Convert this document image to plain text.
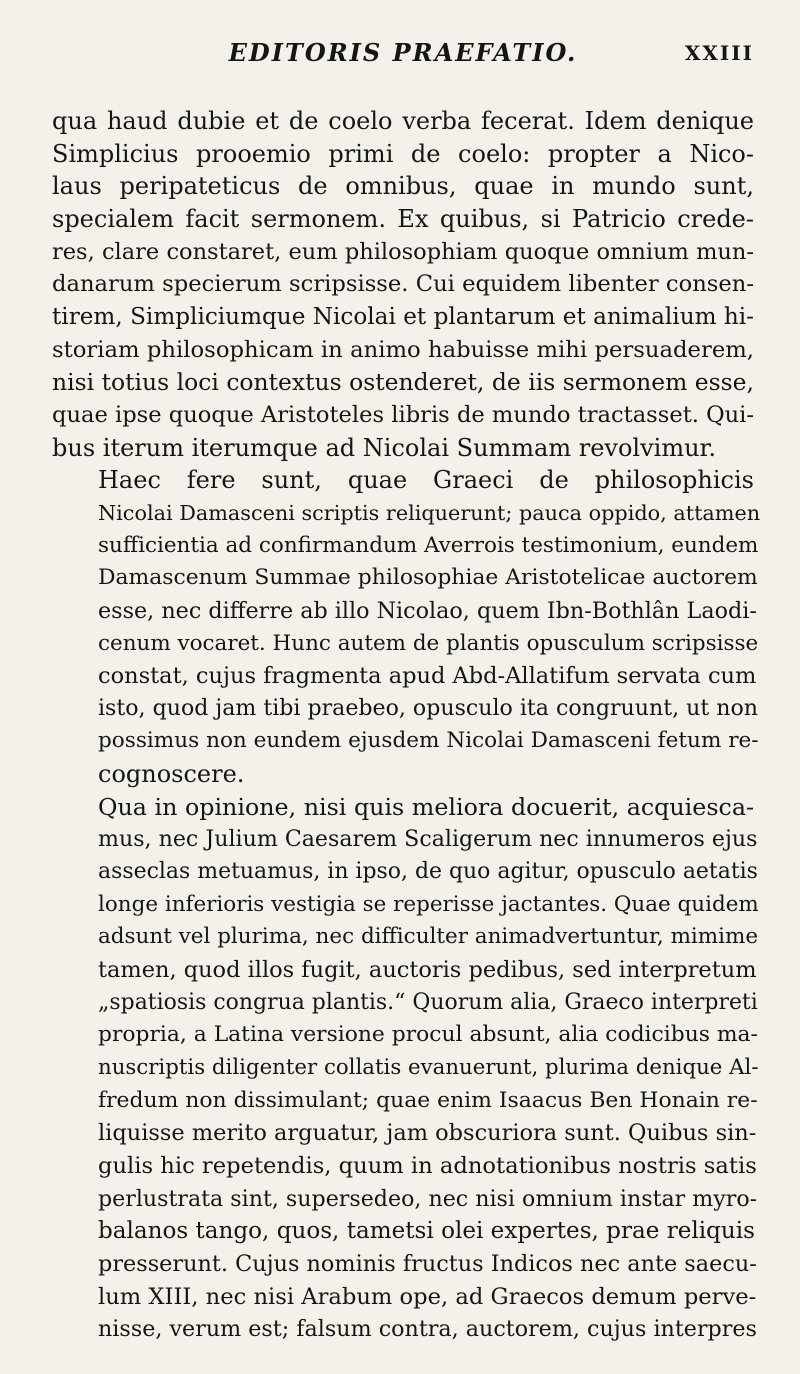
EDITORIS PRAEFATIO.	XXIII
qua haud dubie et de coelo verba fecerat. Idem denique
Simplicius prooemio primi de coelo: propter a Nico-
laus peripateticus de omnibus, quae in mundo sunt,
specialem facit sermonem. Ex quibus, si Patricio crede-
res, clare constaret, eum philosophiam quoque omnium mun-
danarum specierum scripsisse. Cui equidem libenter consen-
tirem, Simpliciumque Nicolai et plantarum et animalium hi-
storiam philosophicam in animo habuisse mihi persuaderem,
nisi totius loci contextus ostenderet, de iis sermonem esse,
quae ipse quoque Aristoteles libris de mundo tractasset. Qui-
bus iterum iterumque ad Nicolai Summam revolvimur.
Haec fere sunt, quae Graeci de philosophicis
Nicolai Damasceni scriptis reliquerunt; pauca oppido, attamen
sufficientia ad confirmandum Averrois testimonium, eundem
Damascenum Summae philosophiae Aristotelicae auctorem
esse, nec differre ab illo Nicolao, quem Ibn-Bothlân Laodi-
cenum vocaret. Hunc autem de plantis opusculum scripsisse
constat, cujus fragmenta apud Abd-Allatifum servata cum
isto, quod jam tibi praebeo, opusculo ita congruunt, ut non
possimus non eundem ejusdem Nicolai Damasceni fetum re-
cognoscere.
Qua in opinione, nisi quis meliora docuerit, acquiesca-
mus, nec Julium Caesarem Scaligerum nec innumeros ejus
asseclas metuamus, in ipso, de quo agitur, opusculo aetatis
longe inferioris vestigia se reperisse jactantes. Quae quidem
adsunt vel plurima, nec difficulter animadvertuntur, mimime
tamen, quod illos fugit, auctoris pedibus, sed interpretum
„spatiosis congrua plantis.“ Quorum alia, Graeco interpreti
propria, a Latina versione procul absunt, alia codicibus ma-
nuscriptis diligenter collatis evanuerunt, plurima denique Al-
fredum non dissimulant; quae enim Isaacus Ben Honain re-
liquisse merito arguatur, jam obscuriora sunt. Quibus sin-
gulis hic repetendis, quum in adnotationibus nostris satis
perlustrata sint, supersedeo, nec nisi omnium instar myro-
balanos tango, quos, tametsi olei expertes, prae reliquis
presserunt. Cujus nominis fructus Indicos nec ante saecu-
lum XIII, nec nisi Arabum ope, ad Graecos demum perve-
nisse, verum est; falsum contra, auctorem, cujus interpres
